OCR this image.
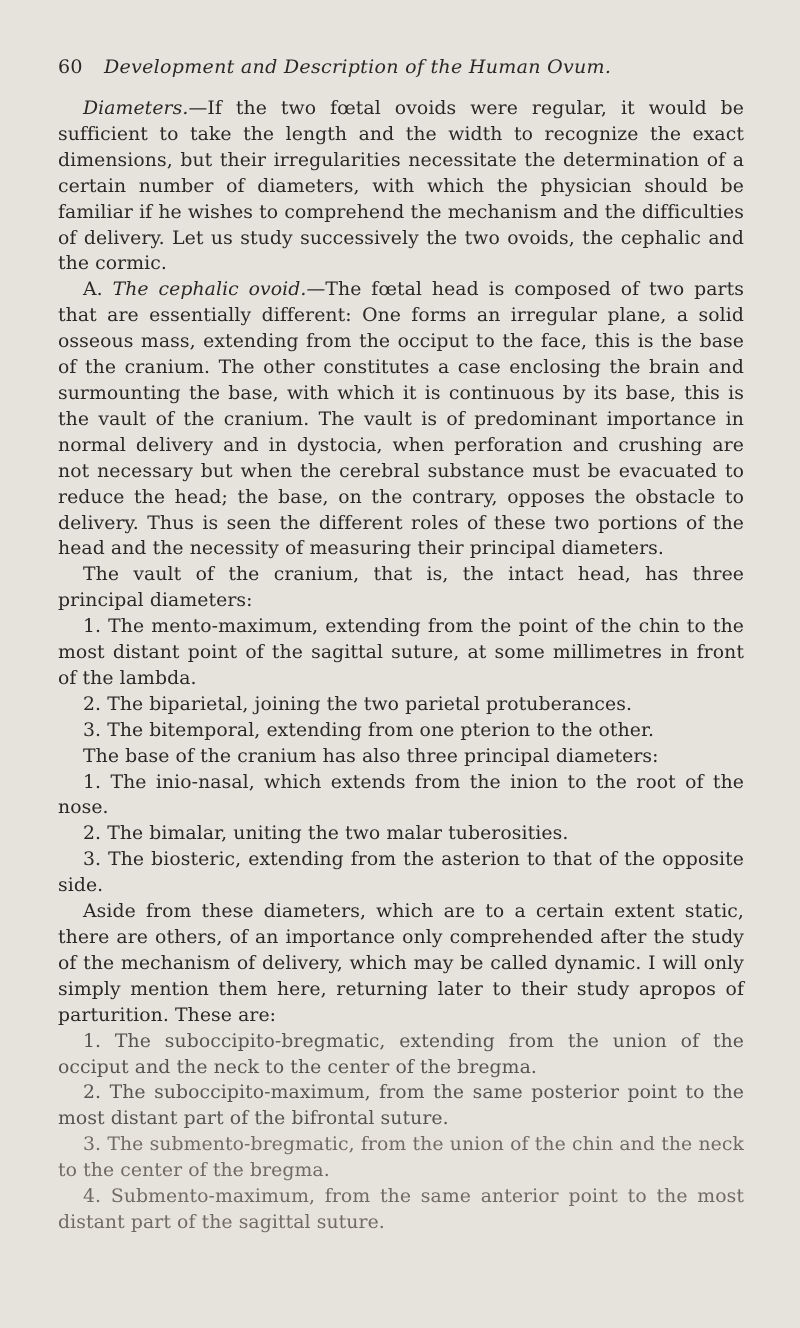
60	Development and Description of the Human Ovum.

Diameters.—If the two fœtal ovoids were regular, it would be sufficient to take the length and the width to recognize the exact dimensions, but their irregularities necessitate the determination of a certain number of diameters, with which the physician should be familiar if he wishes to comprehend the mechanism and the difficulties of delivery. Let us study successively the two ovoids, the cephalic and the cormic.

A. The cephalic ovoid.—The fœtal head is composed of two parts that are essentially different: One forms an irregular plane, a solid osseous mass, extending from the occiput to the face, this is the base of the cranium. The other constitutes a case enclosing the brain and surmounting the base, with which it is continuous by its base, this is the vault of the cranium. The vault is of predominant importance in normal delivery and in dystocia, when perforation and crushing are not necessary but when the cerebral substance must be evacuated to reduce the head; the base, on the contrary, opposes the obstacle to delivery. Thus is seen the different roles of these two portions of the head and the necessity of measuring their principal diameters.

The vault of the cranium, that is, the intact head, has three principal diameters:

1. The mento-maximum, extending from the point of the chin to the most distant point of the sagittal suture, at some millimetres in front of the lambda.

2. The biparietal, joining the two parietal protuberances.

3. The bitemporal, extending from one pterion to the other.

The base of the cranium has also three principal diameters:

1. The inio-nasal, which extends from the inion to the root of the nose.

2. The bimalar, uniting the two malar tuberosities.

3. The biosteric, extending from the asterion to that of the opposite side.

Aside from these diameters, which are to a certain extent static, there are others, of an importance only comprehended after the study of the mechanism of delivery, which may be called dynamic. I will only simply mention them here, returning later to their study apropos of parturition. These are:

1. The suboccipito-bregmatic, extending from the union of the occiput and the neck to the center of the bregma.

2. The suboccipito-maximum, from the same posterior point to the most distant part of the bifrontal suture.

3. The submento-bregmatic, from the union of the chin and the neck to the center of the bregma.

4. Submento-maximum, from the same anterior point to the most distant part of the sagittal suture.
